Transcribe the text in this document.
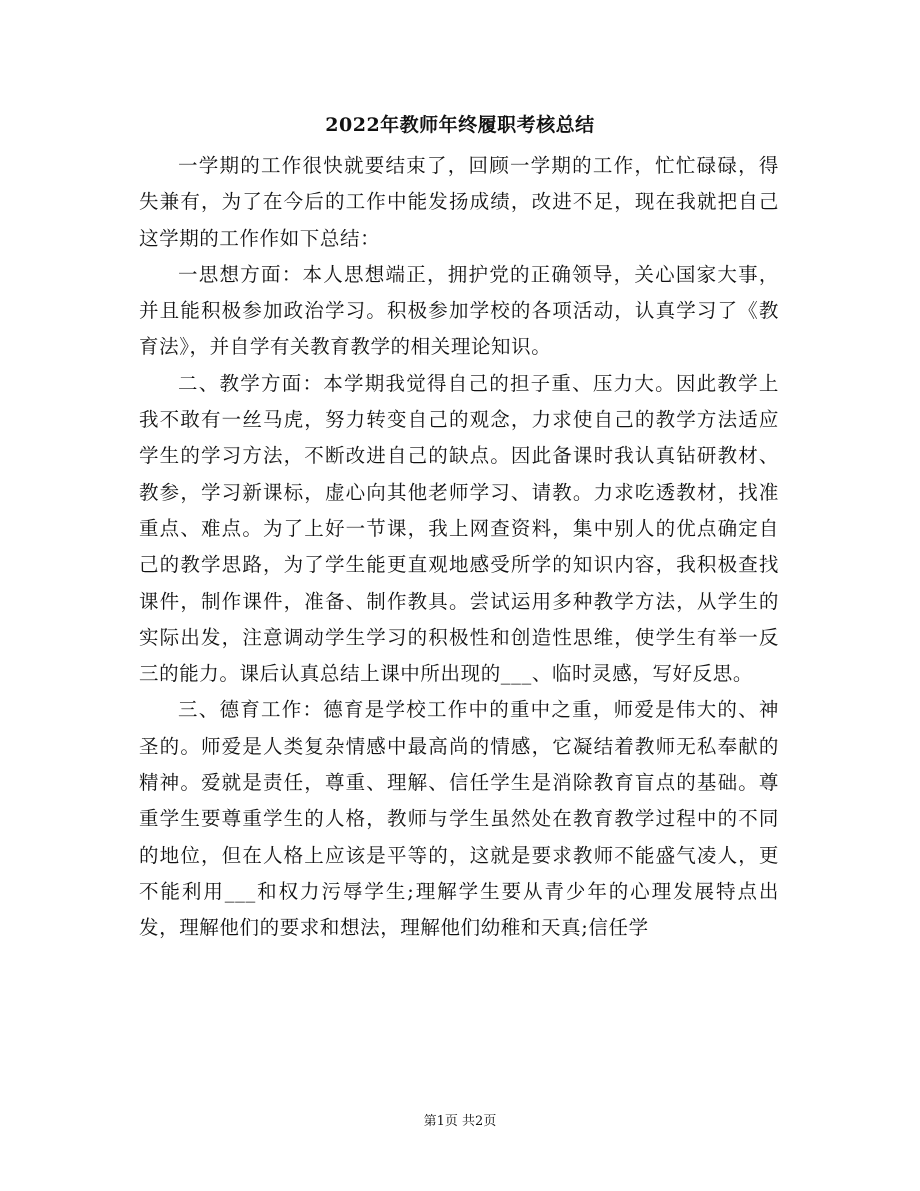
2022年教师年终履职考核总结

一学期的工作很快就要结束了，回顾一学期的工作，忙忙碌碌，得失兼有，为了在今后的工作中能发扬成绩，改进不足，现在我就把自己这学期的工作作如下总结：

一思想方面：本人思想端正，拥护党的正确领导，关心国家大事，并且能积极参加政治学习。积极参加学校的各项活动，认真学习了《教育法》，并自学有关教育教学的相关理论知识。

二、教学方面：本学期我觉得自己的担子重、压力大。因此教学上我不敢有一丝马虎，努力转变自己的观念，力求使自己的教学方法适应学生的学习方法，不断改进自己的缺点。因此备课时我认真钻研教材、教参，学习新课标，虚心向其他老师学习、请教。力求吃透教材，找准重点、难点。为了上好一节课，我上网查资料，集中别人的优点确定自己的教学思路，为了学生能更直观地感受所学的知识内容，我积极查找课件，制作课件，准备、制作教具。尝试运用多种教学方法，从学生的实际出发，注意调动学生学习的积极性和创造性思维，使学生有举一反三的能力。课后认真总结上课中所出现的___、临时灵感，写好反思。

三、德育工作：德育是学校工作中的重中之重，师爱是伟大的、神圣的。师爱是人类复杂情感中最高尚的情感，它凝结着教师无私奉献的精神。爱就是责任，尊重、理解、信任学生是消除教育盲点的基础。尊重学生要尊重学生的人格，教师与学生虽然处在教育教学过程中的不同的地位，但在人格上应该是平等的，这就是要求教师不能盛气凌人，更不能利用___和权力污辱学生;理解学生要从青少年的心理发展特点出发，理解他们的要求和想法，理解他们幼稚和天真;信任学

第1页 共2页
